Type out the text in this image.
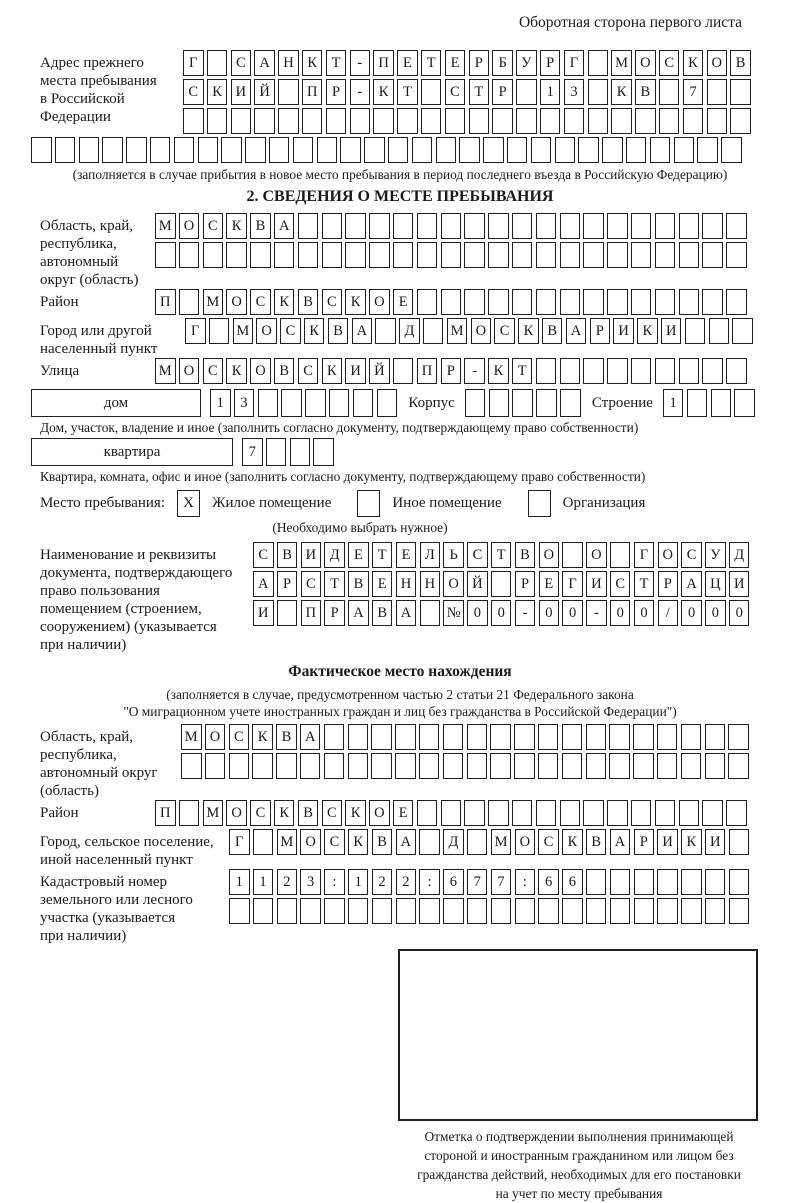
Оборотная сторона первого листа
Адрес прежнего
места пребывания
в Российской
Федерации
Г	С А Н К	Т	-	П Е	Т	Е	Р	Б	У	Р	Г	М О С К О В
С К И Й	П	Р	-	К	Т	С	Т	Р	1	3	К В	7
(заполняется в случае прибытия в новое место пребывания в период последнего въезда в Российскую Федерацию)
2. СВЕДЕНИЯ О МЕСТЕ ПРЕБЫВАНИЯ
Область, край,
республика,
автономный
округ (область)
М О С К В А
Район	П	М О С К В С К О Е
Город или другой
населенный пункт
Г	М О С К В А	Д	М О С К В А	Р	И К И
Улица	М О С К О В С К И Й	П	Р	-	К	Т
дом	1	3	Корпус	Строение	1
Дом, участок, владение и иное (заполнить согласно документу, подтверждающему право собственности)
квартира	7
Квартира, комната, офис и иное (заполнить согласно документу, подтверждающему право собственности)
Место пребывания:	X	Жилое помещение	Иное помещение	Организация
(Необходимо выбрать нужное)
Наименование и реквизиты
документа, подтверждающего
право пользования
помещением (строением,
сооружением) (указывается
при наличии)
С В И Д Е	Т	Е Л	Ь	С	Т	В О	О	Г О С У Д
А	Р	С	Т	В	Е Н Н О Й	Р	Е	Г И С	Т	Р	А Ц И
И	П	Р	А В А	№ 0	0	-	0	0	-	0	0	/	0	0	0
Фактическое место нахождения
(заполняется в случае, предусмотренном частью 2 статьи 21 Федерального закона
"О миграционном учете иностранных граждан и лиц без гражданства в Российской Федерации")
Область, край,
республика,
автономный округ
(область)
М О С К В А
Район	П	М О С К В С К О Е
Город, сельское поселение,
иной населенный пункт
Г	М О С К В А	Д	М О С К В А	Р	И К И
Кадастровый номер
земельного или лесного
участка (указывается
при наличии)
1	1	2	3	:	1	2	2	:	6	7	7	:	6	6
Отметка о подтверждении выполнения принимающей
стороной и иностранным гражданином или лицом без
гражданства действий, необходимых для его постановки
на учет по месту пребывания
